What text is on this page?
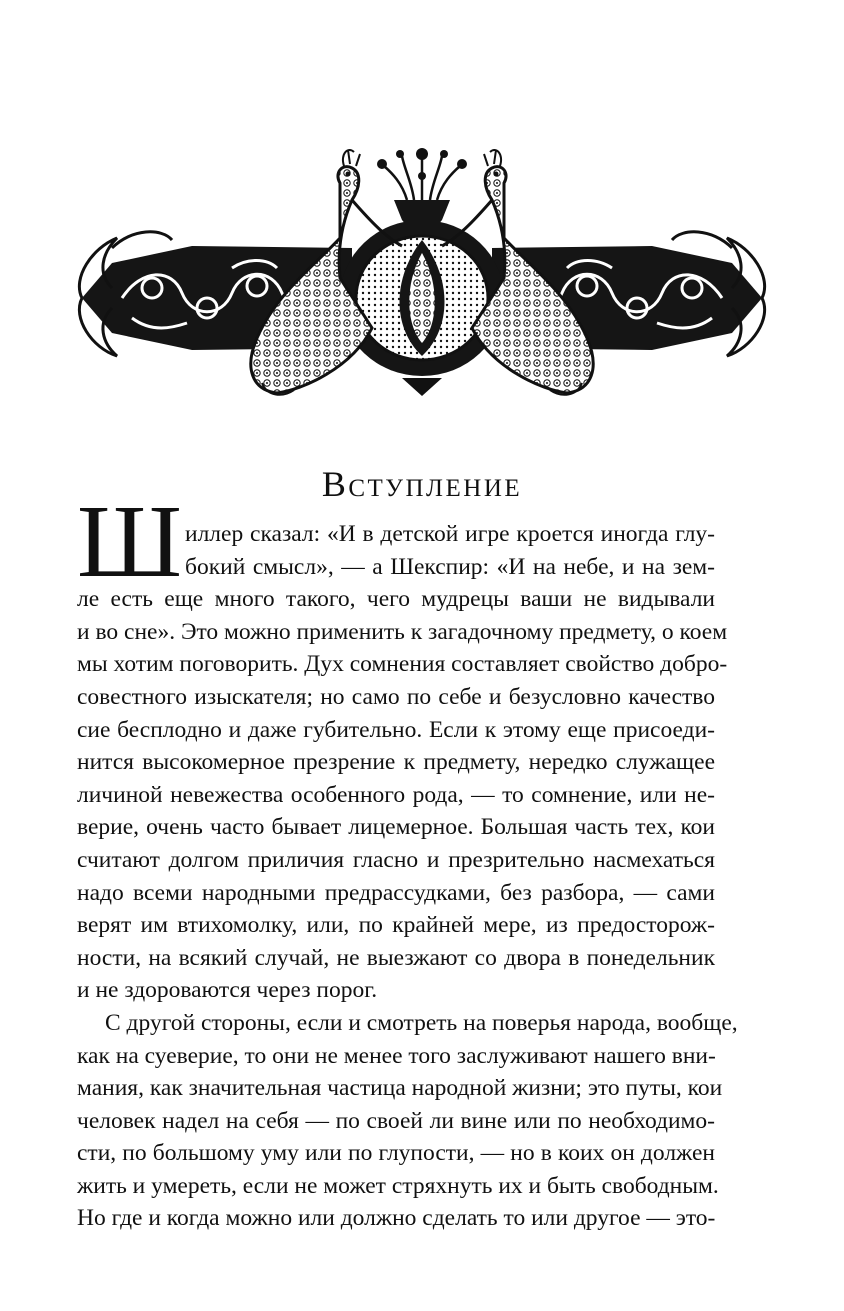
Вступление
Ш иллер сказал: «И в детской игре кроется иногда глу-
бокий смысл», — а Шекспир: «И на небе, и на зем-
ле есть еще много такого, чего мудрецы ваши не видывали
и во сне». Это можно применить к загадочному предмету, о коем
мы хотим поговорить. Дух сомнения составляет свойство добро-
совестного изыскателя; но само по себе и безусловно качество
сие бесплодно и даже губительно. Если к этому еще присоеди-
нится высокомерное презрение к предмету, нередко служащее
личиной невежества особенного рода, — то сомнение, или не-
верие, очень часто бывает лицемерное. Большая часть тех, кои
считают долгом приличия гласно и презрительно насмехаться
надо всеми народными предрассудками, без разбора, — сами
верят им втихомолку, или, по крайней мере, из предосторож-
ности, на всякий случай, не выезжают со двора в понедельник
и не здороваются через порог.
С другой стороны, если и смотреть на поверья народа, вообще,
как на суеверие, то они не менее того заслуживают нашего вни-
мания, как значительная частица народной жизни; это путы, кои
человек надел на себя — по своей ли вине или по необходимо-
сти, по большому уму или по глупости, — но в коих он должен
жить и умереть, если не может стряхнуть их и быть свободным.
Но где и когда можно или должно сделать то или другое — это-
